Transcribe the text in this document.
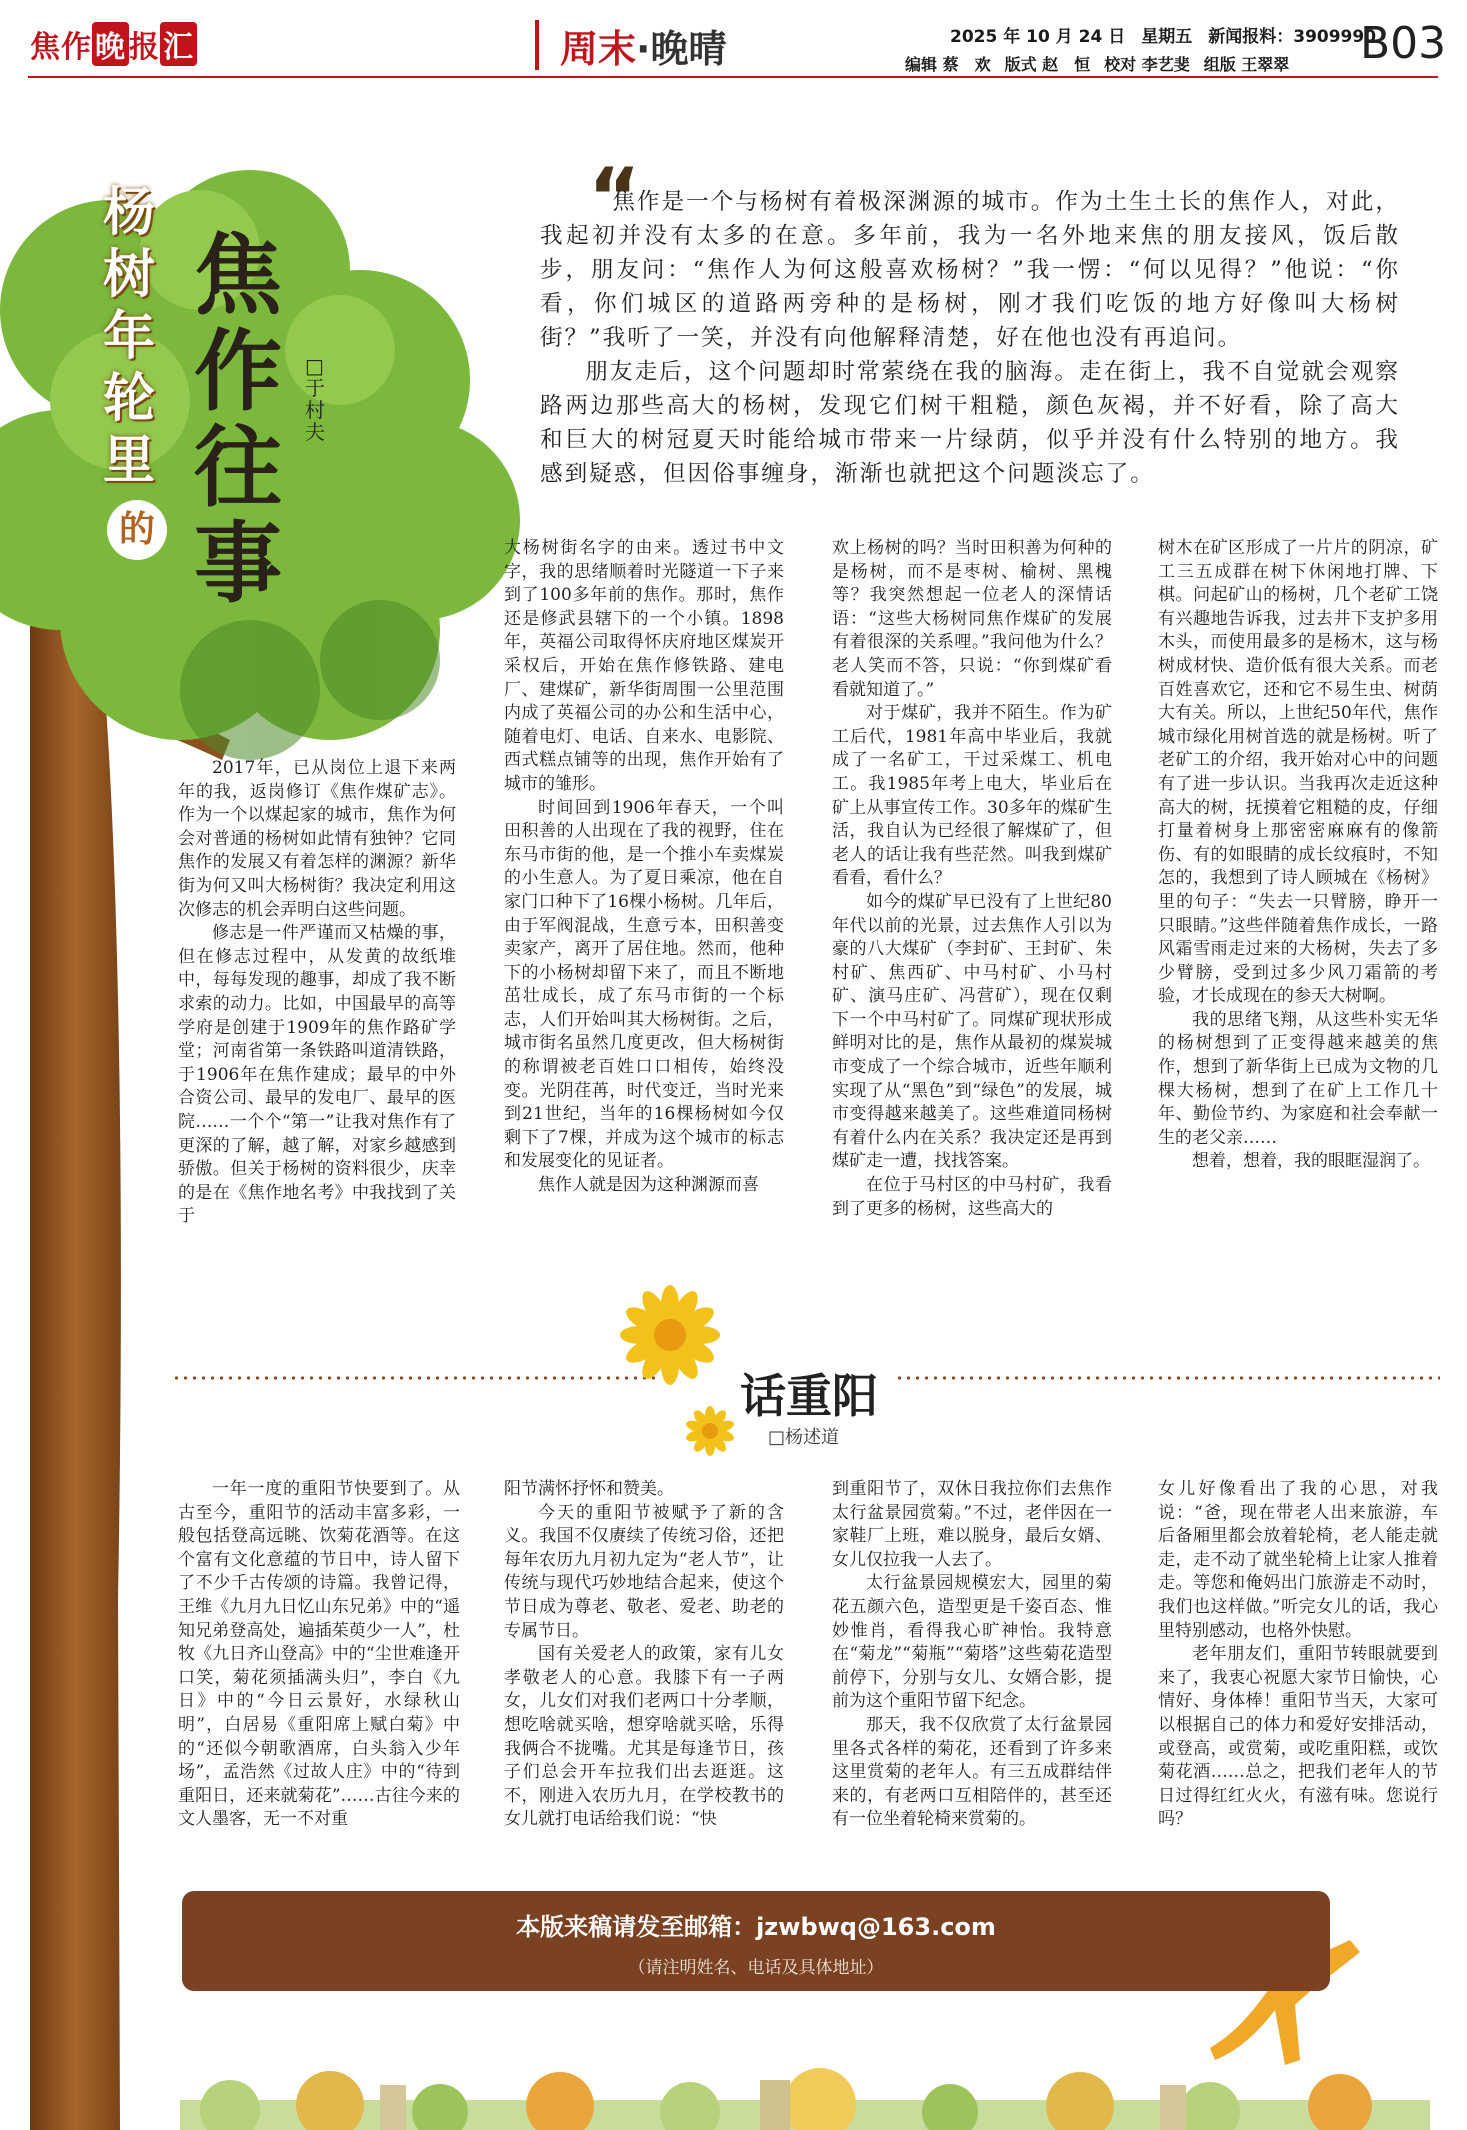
焦作 晚 报 汇	周末·晚晴	2025 年 10 月 24 日 星期五 新闻报料：3909990
编辑 蔡　欢 版式 赵　恒 校对 李艺斐 组版 王翠翠	B03
杨树年轮里
的
焦作往事
□于村夫
“

焦作是一个与杨树有着极深渊源的城市。作为土生土长的焦作人，对此，我起初并没有太多的在意。多年前，我为一名外地来焦的朋友接风，饭后散步，朋友问：“焦作人为何这般喜欢杨树？”我一愣：“何以见得？”他说：“你看，你们城区的道路两旁种的是杨树，刚才我们吃饭的地方好像叫大杨树街？”我听了一笑，并没有向他解释清楚，好在他也没有再追问。

朋友走后，这个问题却时常萦绕在我的脑海。走在街上，我不自觉就会观察路两边那些高大的杨树，发现它们树干粗糙，颜色灰褐，并不好看，除了高大和巨大的树冠夏天时能给城市带来一片绿荫，似乎并没有什么特别的地方。我感到疑惑，但因俗事缠身，渐渐也就把这个问题淡忘了。

2017年，已从岗位上退下来两年的我，返岗修订《焦作煤矿志》。作为一个以煤起家的城市，焦作为何会对普通的杨树如此情有独钟？它同焦作的发展又有着怎样的渊源？新华街为何又叫大杨树街？我决定利用这次修志的机会弄明白这些问题。

修志是一件严谨而又枯燥的事，但在修志过程中，从发黄的故纸堆中，每每发现的趣事，却成了我不断求索的动力。比如，中国最早的高等学府是创建于1909年的焦作路矿学堂；河南省第一条铁路叫道清铁路，于1906年在焦作建成；最早的中外合资公司、最早的发电厂、最早的医院……一个个“第一”让我对焦作有了更深的了解，越了解，对家乡越感到骄傲。但关于杨树的资料很少，庆幸的是在《焦作地名考》中我找到了关于

大杨树街名字的由来。透过书中文字，我的思绪顺着时光隧道一下子来到了100多年前的焦作。那时，焦作还是修武县辖下的一个小镇。1898年，英福公司取得怀庆府地区煤炭开采权后，开始在焦作修铁路、建电厂、建煤矿，新华街周围一公里范围内成了英福公司的办公和生活中心，随着电灯、电话、自来水、电影院、西式糕点铺等的出现，焦作开始有了城市的雏形。

时间回到1906年春天，一个叫田积善的人出现在了我的视野，住在东马市街的他，是一个推小车卖煤炭的小生意人。为了夏日乘凉，他在自家门口种下了16棵小杨树。几年后，由于军阀混战，生意亏本，田积善变卖家产，离开了居住地。然而，他种下的小杨树却留下来了，而且不断地茁壮成长，成了东马市街的一个标志，人们开始叫其大杨树街。之后，城市街名虽然几度更改，但大杨树街的称谓被老百姓口口相传，始终没变。光阴荏苒，时代变迁，当时光来到21世纪，当年的16棵杨树如今仅剩下了7棵，并成为这个城市的标志和发展变化的见证者。

焦作人就是因为这种渊源而喜

欢上杨树的吗？当时田积善为何种的是杨树，而不是枣树、榆树、黑槐等？我突然想起一位老人的深情话语：“这些大杨树同焦作煤矿的发展有着很深的关系哩。”我问他为什么？老人笑而不答，只说：“你到煤矿看看就知道了。”

对于煤矿，我并不陌生。作为矿工后代，1981年高中毕业后，我就成了一名矿工，干过采煤工、机电工。我1985年考上电大，毕业后在矿上从事宣传工作。30多年的煤矿生活，我自认为已经很了解煤矿了，但老人的话让我有些茫然。叫我到煤矿看看，看什么？

如今的煤矿早已没有了上世纪80年代以前的光景，过去焦作人引以为豪的八大煤矿（李封矿、王封矿、朱村矿、焦西矿、中马村矿、小马村矿、演马庄矿、冯营矿），现在仅剩下一个中马村矿了。同煤矿现状形成鲜明对比的是，焦作从最初的煤炭城市变成了一个综合城市，近些年顺利实现了从“黑色”到“绿色”的发展，城市变得越来越美了。这些难道同杨树有着什么内在关系？我决定还是再到煤矿走一遭，找找答案。

在位于马村区的中马村矿，我看到了更多的杨树，这些高大的

树木在矿区形成了一片片的阴凉，矿工三五成群在树下休闲地打牌、下棋。问起矿山的杨树，几个老矿工饶有兴趣地告诉我，过去井下支护多用木头，而使用最多的是杨木，这与杨树成材快、造价低有很大关系。而老百姓喜欢它，还和它不易生虫、树荫大有关。所以，上世纪50年代，焦作城市绿化用树首选的就是杨树。听了老矿工的介绍，我开始对心中的问题有了进一步认识。当我再次走近这种高大的树，抚摸着它粗糙的皮，仔细打量着树身上那密密麻麻有的像箭伤、有的如眼睛的成长纹痕时，不知怎的，我想到了诗人顾城在《杨树》里的句子：“失去一只臂膀，睁开一只眼睛。”这些伴随着焦作成长，一路风霜雪雨走过来的大杨树，失去了多少臂膀，受到过多少风刀霜箭的考验，才长成现在的参天大树啊。

我的思绪飞翔，从这些朴实无华的杨树想到了正变得越来越美的焦作，想到了新华街上已成为文物的几棵大杨树，想到了在矿上工作几十年、勤俭节约、为家庭和社会奉献一生的老父亲……

想着，想着，我的眼眶湿润了。

话重阳
□杨述道

一年一度的重阳节快要到了。从古至今，重阳节的活动丰富多彩，一般包括登高远眺、饮菊花酒等。在这个富有文化意蕴的节日中，诗人留下了不少千古传颂的诗篇。我曾记得，王维《九月九日忆山东兄弟》中的“遥知兄弟登高处，遍插茱萸少一人”，杜牧《九日齐山登高》中的“尘世难逢开口笑，菊花须插满头归”，李白《九日》中的“今日云景好，水绿秋山明”，白居易《重阳席上赋白菊》中的“还似今朝歌酒席，白头翁入少年场”，孟浩然《过故人庄》中的“待到重阳日，还来就菊花”……古往今来的文人墨客，无一不对重

阳节满怀抒怀和赞美。

今天的重阳节被赋予了新的含义。我国不仅赓续了传统习俗，还把每年农历九月初九定为“老人节”，让传统与现代巧妙地结合起来，使这个节日成为尊老、敬老、爱老、助老的专属节日。

国有关爱老人的政策，家有儿女孝敬老人的心意。我膝下有一子两女，儿女们对我们老两口十分孝顺，想吃啥就买啥，想穿啥就买啥，乐得我俩合不拢嘴。尤其是每逢节日，孩子们总会开车拉我们出去逛逛。这不，刚进入农历九月，在学校教书的女儿就打电话给我们说：“快

到重阳节了，双休日我拉你们去焦作太行盆景园赏菊。”不过，老伴因在一家鞋厂上班，难以脱身，最后女婿、女儿仅拉我一人去了。

太行盆景园规模宏大，园里的菊花五颜六色，造型更是千姿百态、惟妙惟肖，看得我心旷神怡。我特意在“菊龙”“菊瓶”“菊塔”这些菊花造型前停下，分别与女儿、女婿合影，提前为这个重阳节留下纪念。

那天，我不仅欣赏了太行盆景园里各式各样的菊花，还看到了许多来这里赏菊的老年人。有三五成群结伴来的，有老两口互相陪伴的，甚至还有一位坐着轮椅来赏菊的。

女儿好像看出了我的心思，对我说：“爸，现在带老人出来旅游，车后备厢里都会放着轮椅，老人能走就走，走不动了就坐轮椅上让家人推着走。等您和俺妈出门旅游走不动时，我们也这样做。”听完女儿的话，我心里特别感动，也格外快慰。

老年朋友们，重阳节转眼就要到来了，我衷心祝愿大家节日愉快，心情好、身体棒！重阳节当天，大家可以根据自己的体力和爱好安排活动，或登高，或赏菊，或吃重阳糕，或饮菊花酒……总之，把我们老年人的节日过得红红火火，有滋有味。您说行吗？

本版来稿请发至邮箱：jzwbwq@163.com
（请注明姓名、电话及具体地址）
